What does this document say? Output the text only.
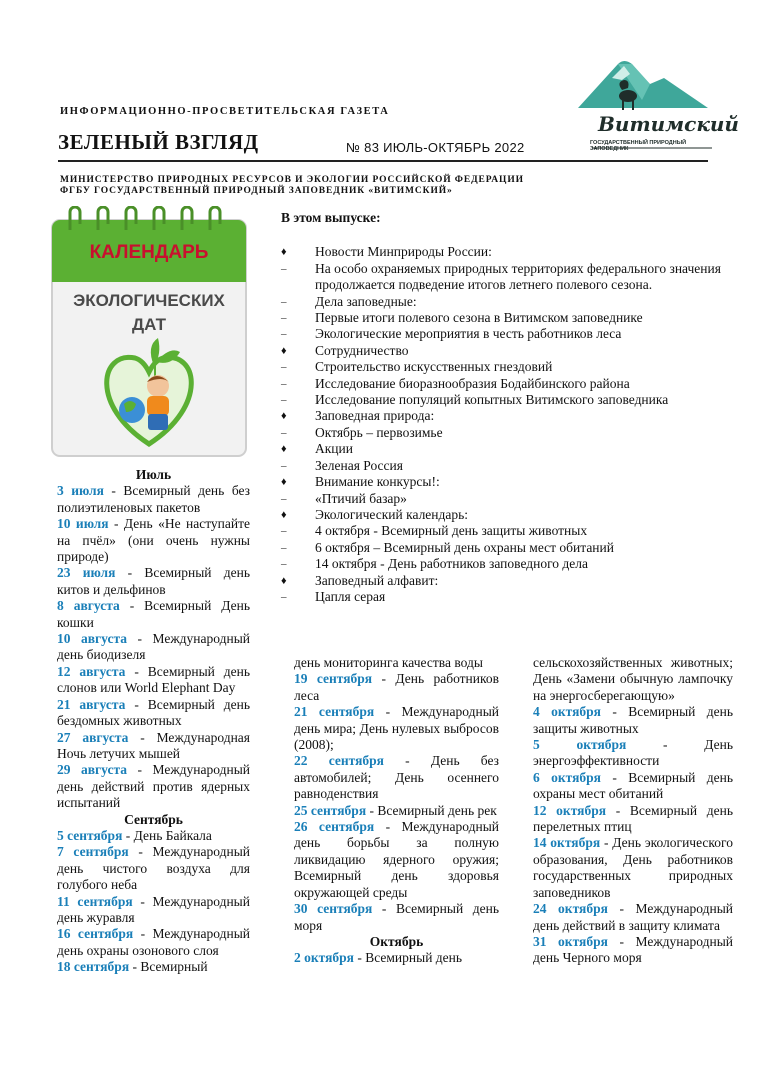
ИНФОРМАЦИОННО-ПРОСВЕТИТЕЛЬСКАЯ ГАЗЕТА
ЗЕЛЕНЫЙ ВЗГЛЯД	№ 83 ИЮЛЬ-ОКТЯБРЬ 2022
МИНИСТЕРСТВО ПРИРОДНЫХ РЕСУРСОВ И ЭКОЛОГИИ РОССИЙСКОЙ ФЕДЕРАЦИИ
ФГБУ ГОСУДАРСТВЕННЫЙ ПРИРОДНЫЙ ЗАПОВЕДНИК «ВИТИМСКИЙ»
Витимский
ГОСУДАРСТВЕННЫЙ ПРИРОДНЫЙ
ЗАПОВЕДНИК
КАЛЕНДАРЬ
ЭКОЛОГИЧЕСКИХ
ДАТ
В этом выпуске:
♦	Новости Минприроды России:
–	На особо охраняемых природных территориях федерального значения продолжается подведение итогов летнего полевого сезона.
–	Дела заповедные:
–	Первые итоги полевого сезона в Витимском заповеднике
–	Экологические мероприятия в честь работников леса
♦	Сотрудничество
–	Строительство искусственных гнездовий
–	Исследование биоразнообразия Бодайбинского района
–	Исследование популяций копытных Витимского заповедника
♦	Заповедная природа:
–	Октябрь – первозимье
♦	Акции
–	Зеленая Россия
♦	Внимание конкурсы!:
–	«Птичий базар»
♦	Экологический календарь:
–	4 октября - Всемирный день защиты животных
–	6 октября – Всемирный день охраны мест обитаний
–	14 октября - День работников заповедного дела
♦	Заповедный алфавит:
–	Цапля серая

Июль

3 июля - Всемирный день без полиэтиленовых пакетов

10 июля - День «Не наступайте на пчёл» (они очень нужны природе)

23 июля - Всемирный день китов и дельфинов

8 августа - Всемирный День кошки

10 августа - Международный день биодизеля

12 августа - Всемирный день слонов или World Elephant Day

21 августа - Всемирный день бездомных животных

27 августа - Международная Ночь летучих мышей

29 августа - Международный день действий против ядерных испытаний

Сентябрь

5 сентября - День Байкала

7 сентября - Международный день чистого воздуха для голубого неба

11 сентября - Международный день журавля

16 сентября - Международный день охраны озонового слоя

18 сентября - Всемирный

день мониторинга качества воды

19 сентября - День работников леса

21 сентября - Международный день мира; День нулевых выбросов (2008);

22 сентября - День без автомобилей; День осеннего равноденствия

25 сентября - Всемирный день рек

26 сентября - Международный день борьбы за полную ликвидацию ядерного оружия; Всемирный день здоровья окружающей среды

30 сентября - Всемирный день моря

Октябрь

2 октября - Всемирный день

сельскохозяйственных животных; День «Замени обычную лампочку на энергосберегающую»

4 октября - Всемирный день защиты животных

5 октября - День энергоэффективности

6 октября - Всемирный день охраны мест обитаний

12 октября - Всемирный день перелетных птиц

14 октября - День экологического образования, День работников государственных природных заповедников

24 октября - Международный день действий в защиту климата

31 октября - Международный день Черного моря
